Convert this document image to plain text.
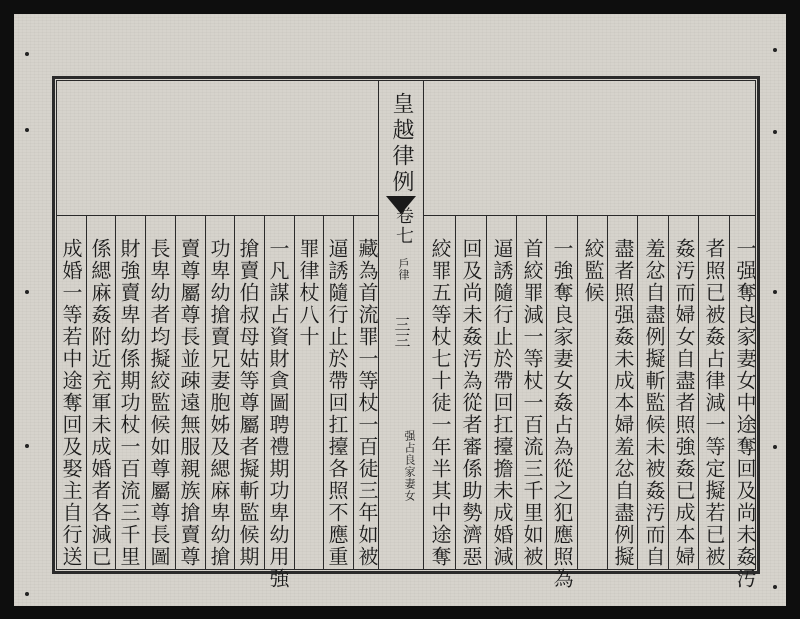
皇越律例
卷七
戶律
三三
强占良家妻女	一强奪良家妻女中途奪回及尚未姦汚
者照已被姦占律減一等定擬若已被
姦汚而婦女自盡者照強姦已成本婦
羞忿自盡例擬斬監候未被姦汚而自
盡者照强姦未成本婦羞忿自盡例擬
絞監候
一強奪良家妻女姦占為從之犯應照為
首絞罪減一等杖一百流三千里如被
逼誘隨行止於帶回扛擡擔未成婚減
絞罪五等杖七十徒一年半其中途奪 回及尚未姦汚為從者審係助勢濟惡
藏為首流罪一等杖一百徒三年如被
逼誘隨行止於帶回扛擡各照不應重
罪律杖八十
一凡謀占資財貪圖聘禮期功卑幼用強
搶賣伯叔母姑等尊屬者擬斬監候期
功卑幼搶賣兄妻胞姊及緦麻卑幼搶
賣尊屬尊長並疎遠無服親族搶賣尊
長卑幼者均擬絞監候如尊屬尊長圖
財強賣卑幼係期功杖一百流三千里
係緦麻姦附近充軍未成婚者各減已
成婚一等若中途奪回及娶主自行送
